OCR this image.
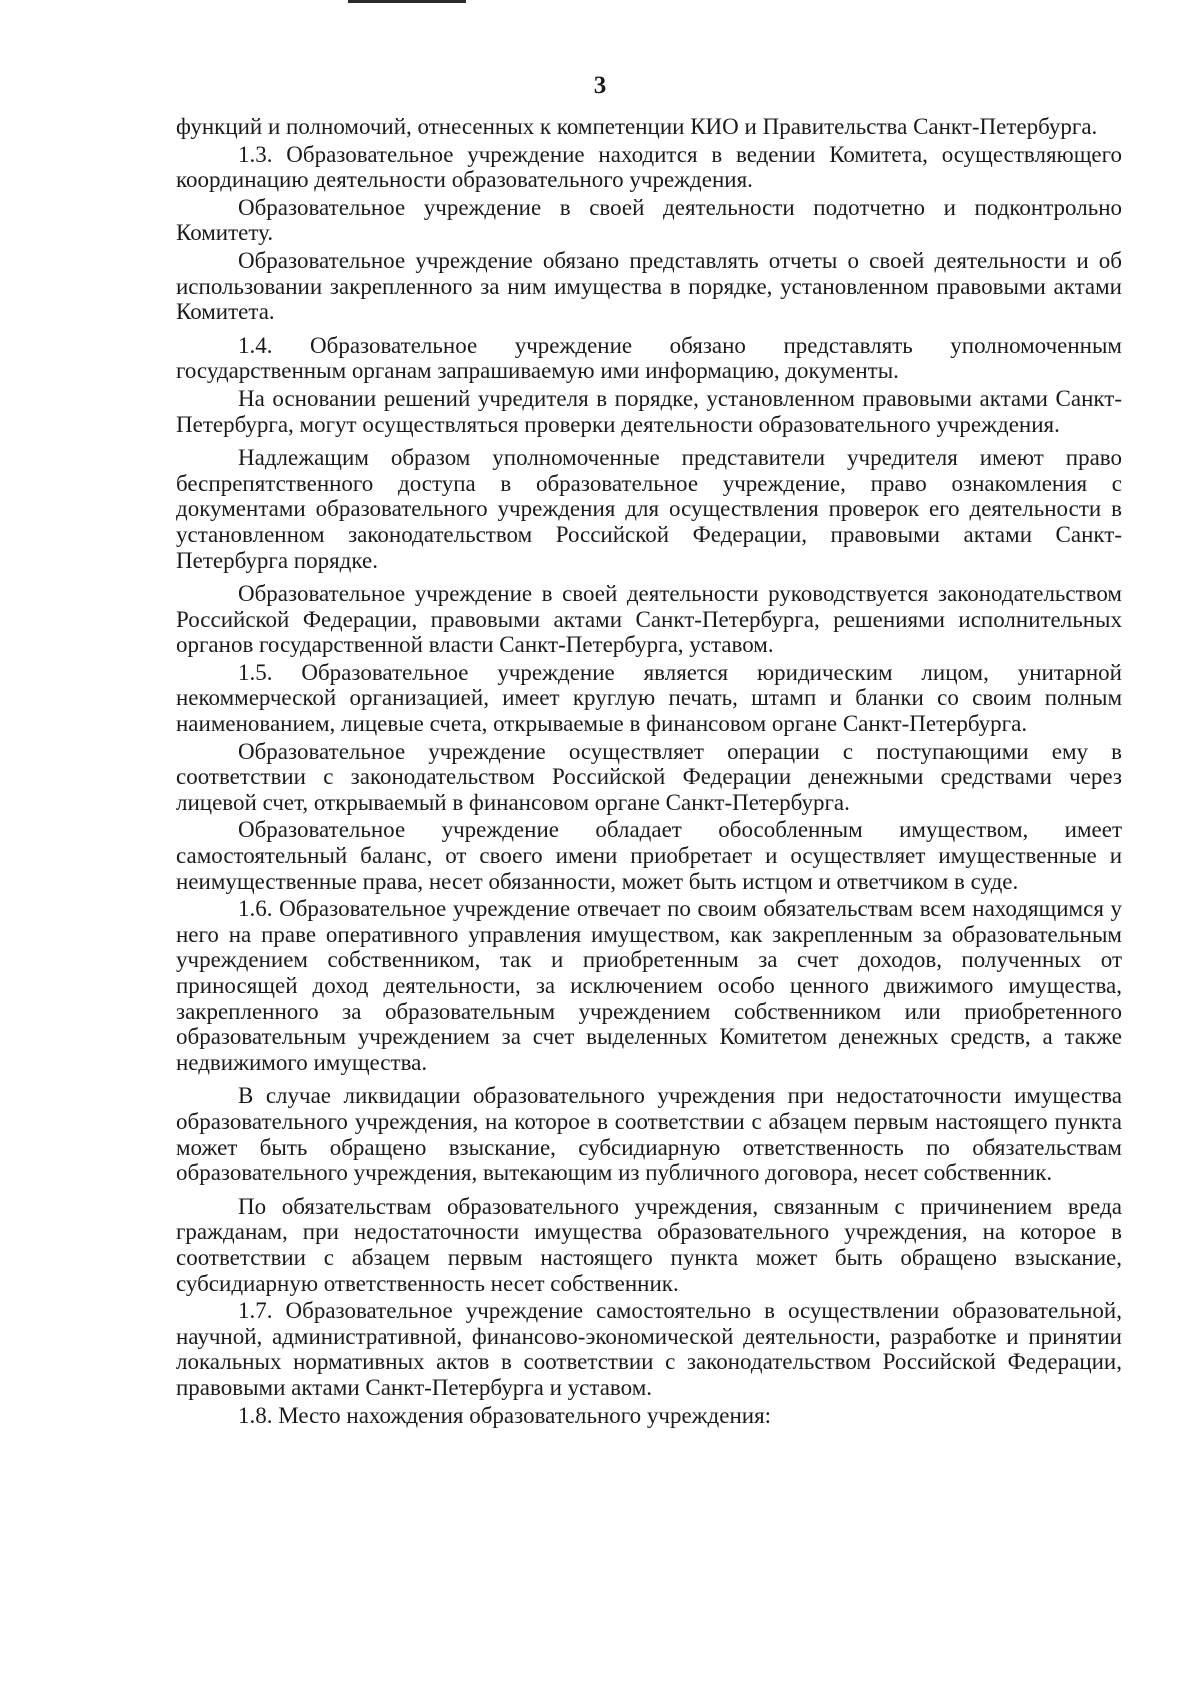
3

функций и полномочий, отнесенных к компетенции КИО и Правительства Санкт-Петербурга.

1.3. Образовательное учреждение находится в ведении Комитета, осуществляющего координацию деятельности образовательного учреждения.

Образовательное учреждение в своей деятельности подотчетно и подконтрольно Комитету.

Образовательное учреждение обязано представлять отчеты о своей деятельности и об использовании закрепленного за ним имущества в порядке, установленном правовыми актами Комитета.

1.4. Образовательное учреждение обязано представлять уполномоченным государственным органам запрашиваемую ими информацию, документы.

На основании решений учредителя в порядке, установленном правовыми актами Санкт-Петербурга, могут осуществляться проверки деятельности образовательного учреждения.

Надлежащим образом уполномоченные представители учредителя имеют право беспрепятственного доступа в образовательное учреждение, право ознакомления с документами образовательного учреждения для осуществления проверок его деятельности в установленном законодательством Российской Федерации, правовыми актами Санкт-Петербурга порядке.

Образовательное учреждение в своей деятельности руководствуется законодательством Российской Федерации, правовыми актами Санкт-Петербурга, решениями исполнительных органов государственной власти Санкт-Петербурга, уставом.

1.5. Образовательное учреждение является юридическим лицом, унитарной некоммерческой организацией, имеет круглую печать, штамп и бланки со своим полным наименованием, лицевые счета, открываемые в финансовом органе Санкт-Петербурга.

Образовательное учреждение осуществляет операции с поступающими ему в соответствии с законодательством Российской Федерации денежными средствами через лицевой счет, открываемый в финансовом органе Санкт-Петербурга.

Образовательное учреждение обладает обособленным имуществом, имеет самостоятельный баланс, от своего имени приобретает и осуществляет имущественные и неимущественные права, несет обязанности, может быть истцом и ответчиком в суде.

1.6. Образовательное учреждение отвечает по своим обязательствам всем находящимся у него на праве оперативного управления имуществом, как закрепленным за образовательным учреждением собственником, так и приобретенным за счет доходов, полученных от приносящей доход деятельности, за исключением особо ценного движимого имущества, закрепленного за образовательным учреждением собственником или приобретенного образовательным учреждением за счет выделенных Комитетом денежных средств, а также недвижимого имущества.

В случае ликвидации образовательного учреждения при недостаточности имущества образовательного учреждения, на которое в соответствии с абзацем первым настоящего пункта может быть обращено взыскание, субсидиарную ответственность по обязательствам образовательного учреждения, вытекающим из публичного договора, несет собственник.

По обязательствам образовательного учреждения, связанным с причинением вреда гражданам, при недостаточности имущества образовательного учреждения, на которое в соответствии с абзацем первым настоящего пункта может быть обращено взыскание, субсидиарную ответственность несет собственник.

1.7. Образовательное учреждение самостоятельно в осуществлении образовательной, научной, административной, финансово-экономической деятельности, разработке и принятии локальных нормативных актов в соответствии с законодательством Российской Федерации, правовыми актами Санкт-Петербурга и уставом.

1.8. Место нахождения образовательного учреждения:
